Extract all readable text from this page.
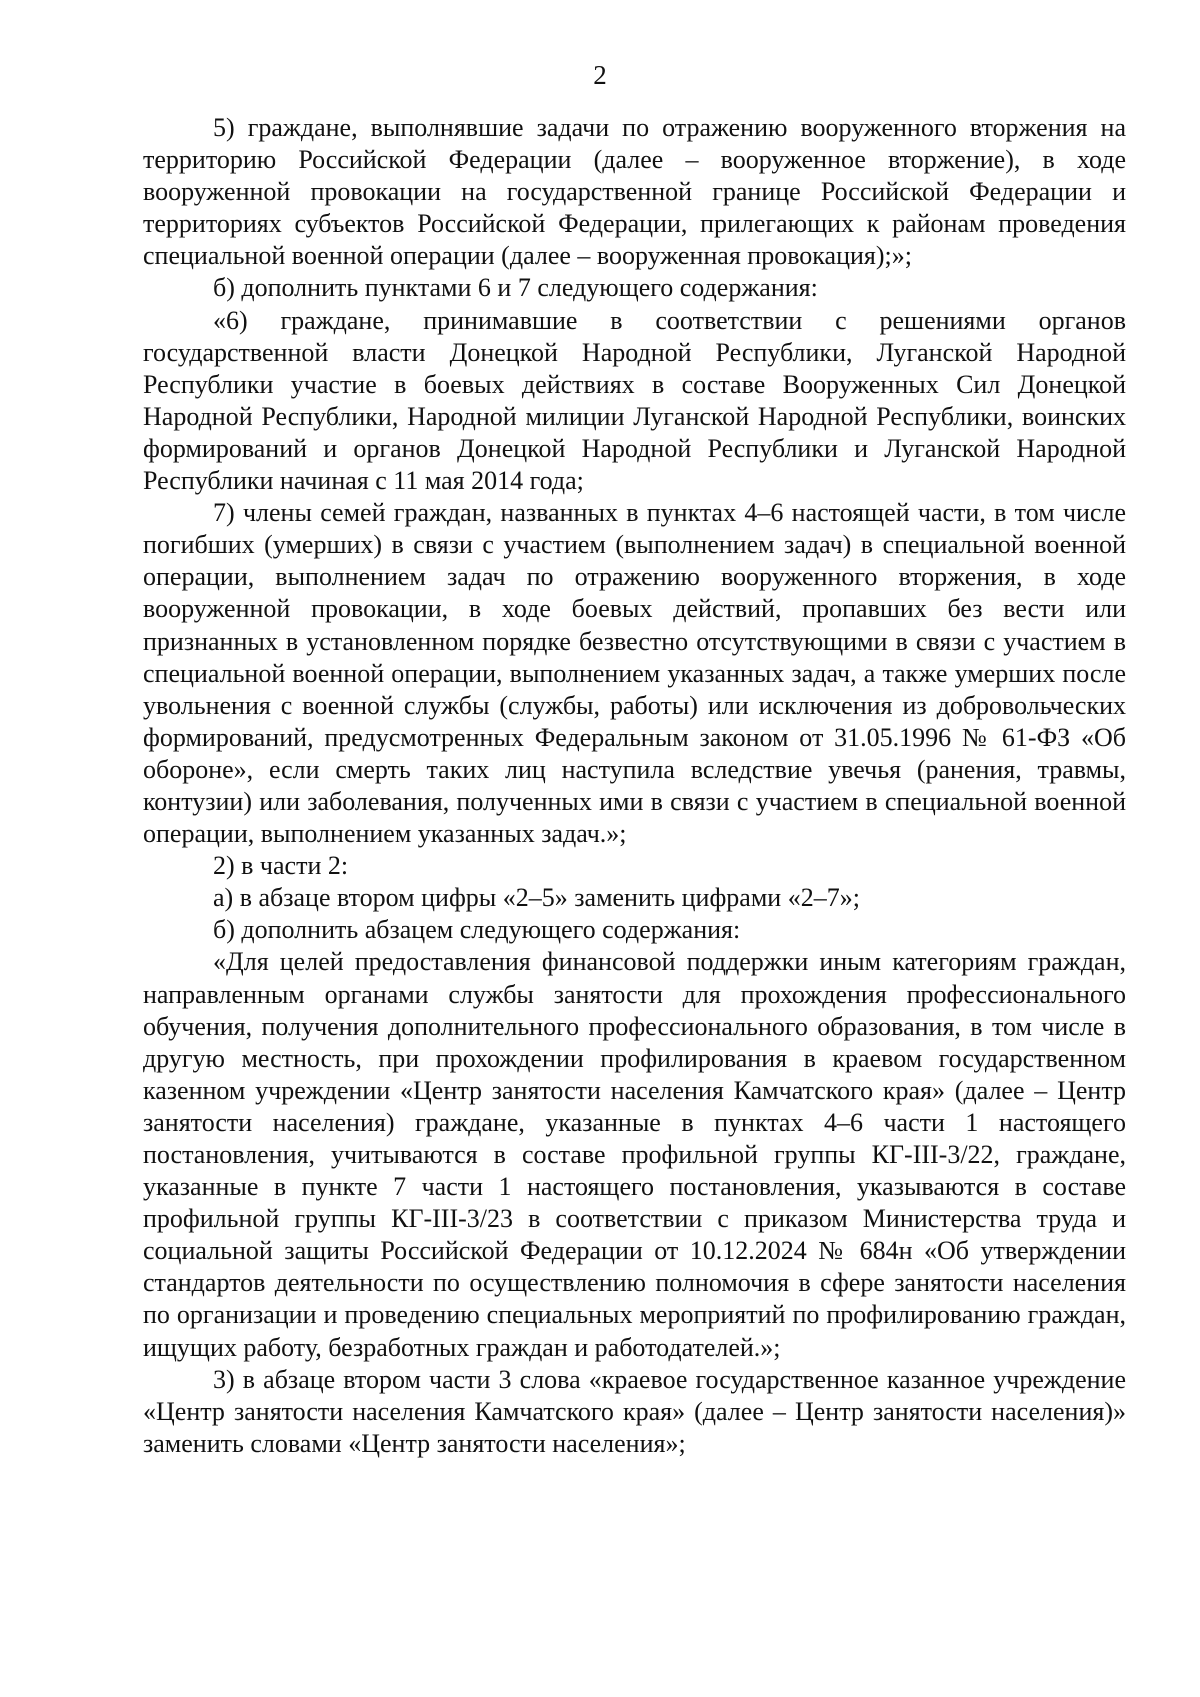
2

5) граждане, выполнявшие задачи по отражению вооруженного вторжения на территорию Российской Федерации (далее – вооруженное вторжение), в ходе вооруженной провокации на государственной границе Российской Федерации и территориях субъектов Российской Федерации, прилегающих к районам проведения специальной военной операции (далее – вооруженная провокация);»;

б) дополнить пунктами 6 и 7 следующего содержания:

«6) граждане, принимавшие в соответствии с решениями органов государственной власти Донецкой Народной Республики, Луганской Народной Республики участие в боевых действиях в составе Вооруженных Сил Донецкой Народной Республики, Народной милиции Луганской Народной Республики, воинских формирований и органов Донецкой Народной Республики и Луганской Народной Республики начиная с 11 мая 2014 года;

7) члены семей граждан, названных в пунктах 4–6 настоящей части, в том числе погибших (умерших) в связи с участием (выполнением задач) в специальной военной операции, выполнением задач по отражению вооруженного вторжения, в ходе вооруженной провокации, в ходе боевых действий, пропавших без вести или признанных в установленном порядке безвестно отсутствующими в связи с участием в специальной военной операции, выполнением указанных задач, а также умерших после увольнения с военной службы (службы, работы) или исключения из добровольческих формирований, предусмотренных Федеральным законом от 31.05.1996 № 61-ФЗ «Об обороне», если смерть таких лиц наступила вследствие увечья (ранения, травмы, контузии) или заболевания, полученных ими в связи с участием в специальной военной операции, выполнением указанных задач.»;

2) в части 2:

а) в абзаце втором цифры «2–5» заменить цифрами «2–7»;

б) дополнить абзацем следующего содержания:

«Для целей предоставления финансовой поддержки иным категориям граждан, направленным органами службы занятости для прохождения профессионального обучения, получения дополнительного профессионального образования, в том числе в другую местность, при прохождении профилирования в краевом государственном казенном учреждении «Центр занятости населения Камчатского края» (далее – Центр занятости населения) граждане, указанные в пунктах 4–6 части 1 настоящего постановления, учитываются в составе профильной группы КГ-III-3/22, граждане, указанные в пункте 7 части 1 настоящего постановления, указываются в составе профильной группы КГ-III-3/23 в соответствии с приказом Министерства труда и социальной защиты Российской Федерации от 10.12.2024 № 684н «Об утверждении стандартов деятельности по осуществлению полномочия в сфере занятости населения по организации и проведению специальных мероприятий по профилированию граждан, ищущих работу, безработных граждан и работодателей.»;

3) в абзаце втором части 3 слова «краевое государственное казанное учреждение «Центр занятости населения Камчатского края» (далее – Центр занятости населения)» заменить словами «Центр занятости населения»;
